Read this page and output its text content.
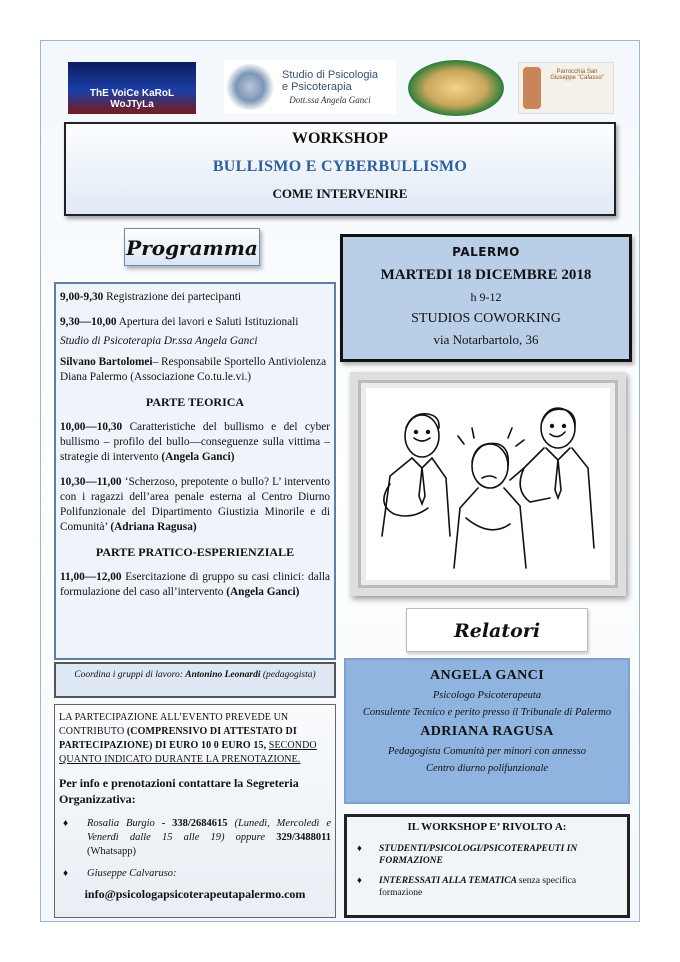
ThE VoiCe KaRoL WoJTyLa
Studio di Psicologia
e Psicoterapia
Dott.ssa Angela Ganci
Parrocchia San Giuseppe "Cafasso"
WORKSHOP
BULLISMO E CYBERBULLISMO
COME INTERVENIRE
Programma

9,00-9,30 Registrazione dei partecipanti

9,30—10,00 Apertura dei lavori e Saluti Istituzionali

Studio di Psicoterapia Dr.ssa Angela Ganci

Silvano Bartolomei– Responsabile Sportello Antiviolenza Diana Palermo (Associazione Co.tu.le.vi.)

PARTE TEORICA

10,00—10,30 Caratteristiche del bullismo e del cyber bullismo – profilo del bullo—conseguenze sulla vittima – strategie di intervento (Angela Ganci)

10,30—11,00 ‘Scherzoso, prepotente o bullo? L’ intervento con i ragazzi dell’area penale esterna al Centro Diurno Polifunzionale del Dipartimento Giustizia Minorile e di Comunità’ (Adriana Ragusa)

PARTE PRATICO-ESPERIENZIALE

11,00—12,00 Esercitazione di gruppo su casi clinici: dalla formulazione del caso all’intervento (Angela Ganci)

Coordina i gruppi di lavoro: Antonino Leonardi (pedagogista)
LA PARTECIPAZIONE ALL’EVENTO PREVEDE UN CONTRIBUTO (COMPRENSIVO DI ATTESTATO DI PARTECIPAZIONE) DI EURO 10 0 EURO 15, SECONDO QUANTO INDICATO DURANTE LA PRENOTAZIONE.
Per info e prenotazioni contattare la Segreteria Organizzativa:
♦ Rosalia Burgio - 338/2684615 (Lunedì, Mercoledì e Venerdì dalle 15 alle 19) oppure 329/3488011 (Whatsapp)
♦ Giuseppe Calvaruso:
info@psicologapsicoterapeutapalermo.com
PALERMO
MARTEDI 18 DICEMBRE 2018
h 9-12
STUDIOS COWORKING
via Notarbartolo, 36
Relatori
ANGELA GANCI
Psicologo Psicoterapeuta
Consulente Tecnico e perito presso il Tribunale di Palermo
ADRIANA RAGUSA
Pedagogista Comunità per minori con annesso
Centro diurno polifunzionale
IL WORKSHOP E’ RIVOLTO A:
♦ STUDENTI/PSICOLOGI/PSICOTERAPEUTI IN FORMAZIONE
♦ INTERESSATI ALLA TEMATICA senza specifica formazione
